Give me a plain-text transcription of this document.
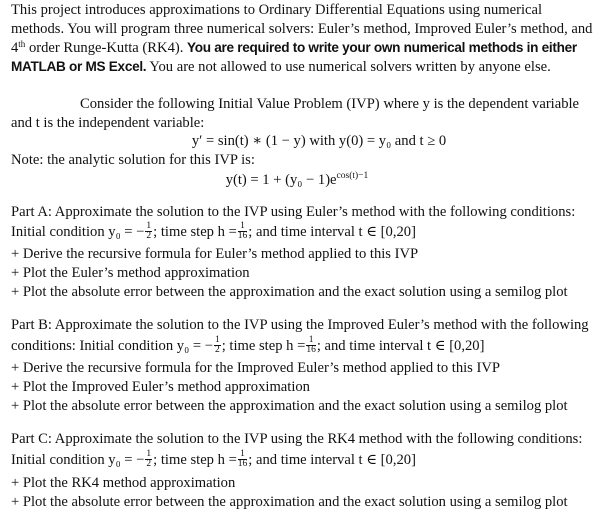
This project introduces approximations to Ordinary Differential Equations using numerical
methods. You will program three numerical solvers: Euler’s method, Improved Euler’s method, and
4th order Runge-Kutta (RK4). You are required to write your own numerical methods in either
MATLAB or MS Excel. You are not allowed to use numerical solvers written by anyone else.
Consider the following Initial Value Problem (IVP) where y is the dependent variable
and t is the independent variable:
y′ = sin(t) ∗ (1 − y) with y(0) = y₀ and t ≥ 0
Note: the analytic solution for this IVP is:
$y(t) = 1 + (y_0 - 1)e^{cos(t)-1}$
Part A: Approximate the solution to the IVP using Euler’s method with the following conditions:
Initial condition y₀ = − $\frac{1}{2}$ ; time step $h = \frac{1}{16}$ ; and time interval t ∈ [0,20]
+ Derive the recursive formula for Euler’s method applied to this IVP
+ Plot the Euler’s method approximation
+ Plot the absolute error between the approximation and the exact solution using a semilog plot
Part B: Approximate the solution to the IVP using the Improved Euler’s method with the following
conditions: Initial condition y₀ = − $\frac{1}{2}$ ; time step $h = \frac{1}{16}$ ; and time interval t ∈ [0,20]
+ Derive the recursive formula for the Improved Euler’s method applied to this IVP
+ Plot the Improved Euler’s method approximation
+ Plot the absolute error between the approximation and the exact solution using a semilog plot
Part C: Approximate the solution to the IVP using the RK4 method with the following conditions:
Initial condition y₀ = − $\frac{1}{2}$ ; time step $h = \frac{1}{16}$ ; and time interval t ∈ [0,20]
+ Plot the RK4 method approximation
+ Plot the absolute error between the approximation and the exact solution using a semilog plot
